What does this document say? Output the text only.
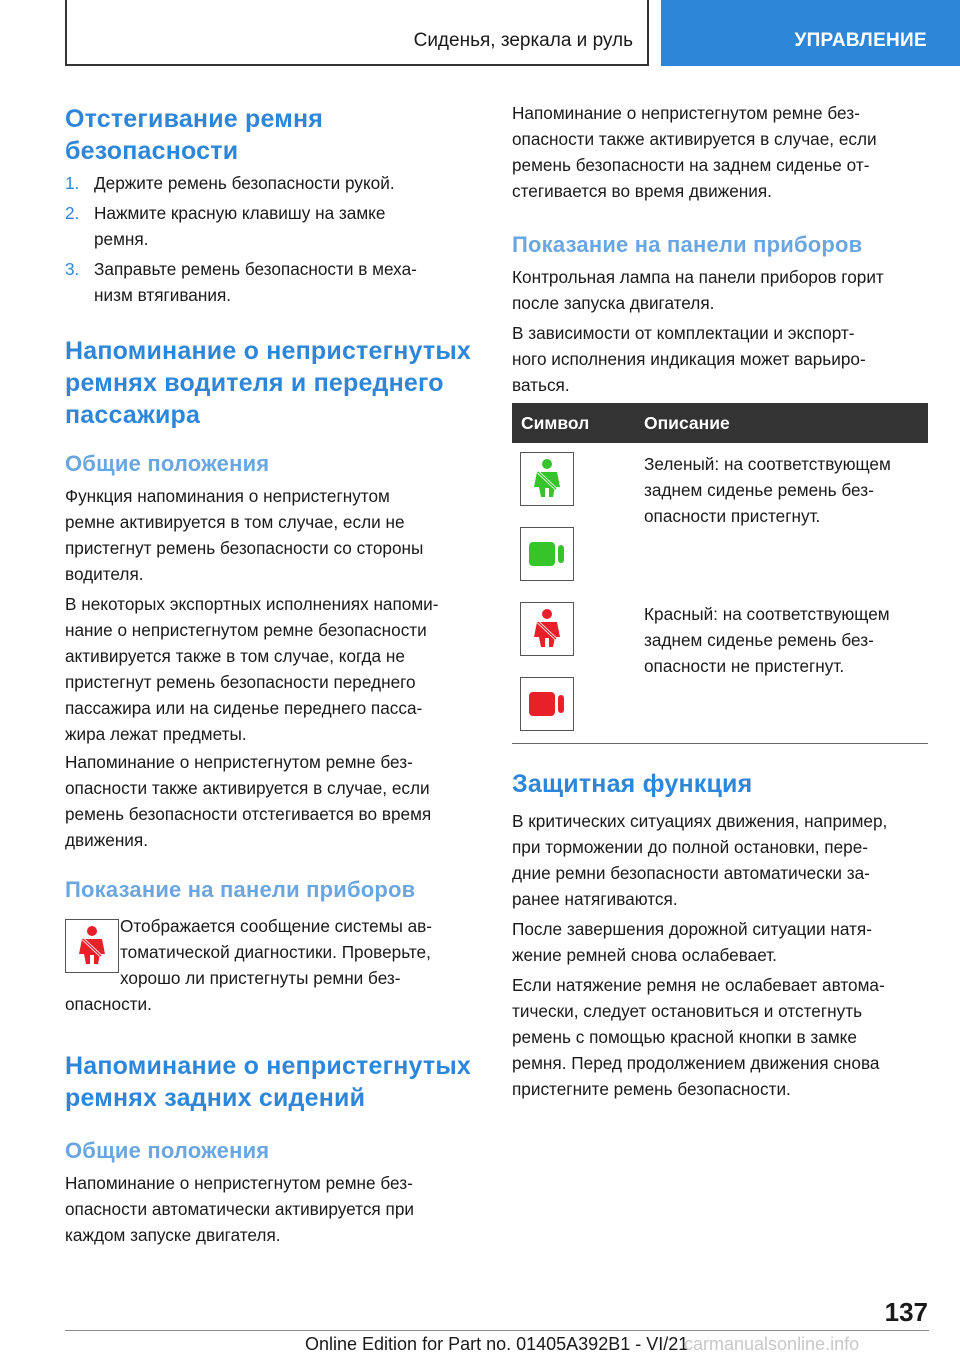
Сиденья, зеркала и руль	УПРАВЛЕНИЕ
Отстегивание ремня
безопасности
1. Держите ремень безопасности рукой.
2. Нажмите красную клавишу на замке
ремня.
3. Заправьте ремень безопасности в меха-
низм втягивания.
Напоминание о непристегнутых
ремнях водителя и переднего
пассажира
Общие положения
Функция напоминания о непристегнутом
ремне активируется в том случае, если не
пристегнут ремень безопасности со стороны
водителя.
В некоторых экспортных исполнениях напоми-
нание о непристегнутом ремне безопасности
активируется также в том случае, когда не
пристегнут ремень безопасности переднего
пассажира или на сиденье переднего пасса-
жира лежат предметы.
Напоминание о непристегнутом ремне без-
опасности также активируется в случае, если
ремень безопасности отстегивается во время
движения.
Показание на панели приборов
Отображается сообщение системы ав-
томатической диагностики. Проверьте,
хорошо ли пристегнуты ремни без-
опасности.
Напоминание о непристегнутых
ремнях задних сидений
Общие положения
Напоминание о непристегнутом ремне без-
опасности автоматически активируется при
каждом запуске двигателя.
Напоминание о непристегнутом ремне без-
опасности также активируется в случае, если
ремень безопасности на заднем сиденье от-
стегивается во время движения.
Показание на панели приборов
Контрольная лампа на панели приборов горит
после запуска двигателя.
В зависимости от комплектации и экспорт-
ного исполнения индикация может варьиро-
ваться.
Символ	Описание
Зеленый: на соответствующем
заднем сиденье ремень без-
опасности пристегнут.
Красный: на соответствующем
заднем сиденье ремень без-
опасности не пристегнут.
Защитная функция
В критических ситуациях движения, например,
при торможении до полной остановки, пере-
дние ремни безопасности автоматически за-
ранее натягиваются.
После завершения дорожной ситуации натя-
жение ремней снова ослабевает.
Если натяжение ремня не ослабевает автома-
тически, следует остановиться и отстегнуть
ремень с помощью красной кнопки в замке
ремня. Перед продолжением движения снова
пристегните ремень безопасности.
137
Online Edition for Part no. 01405A392B1 - VI/21
carmanualsonline.info
